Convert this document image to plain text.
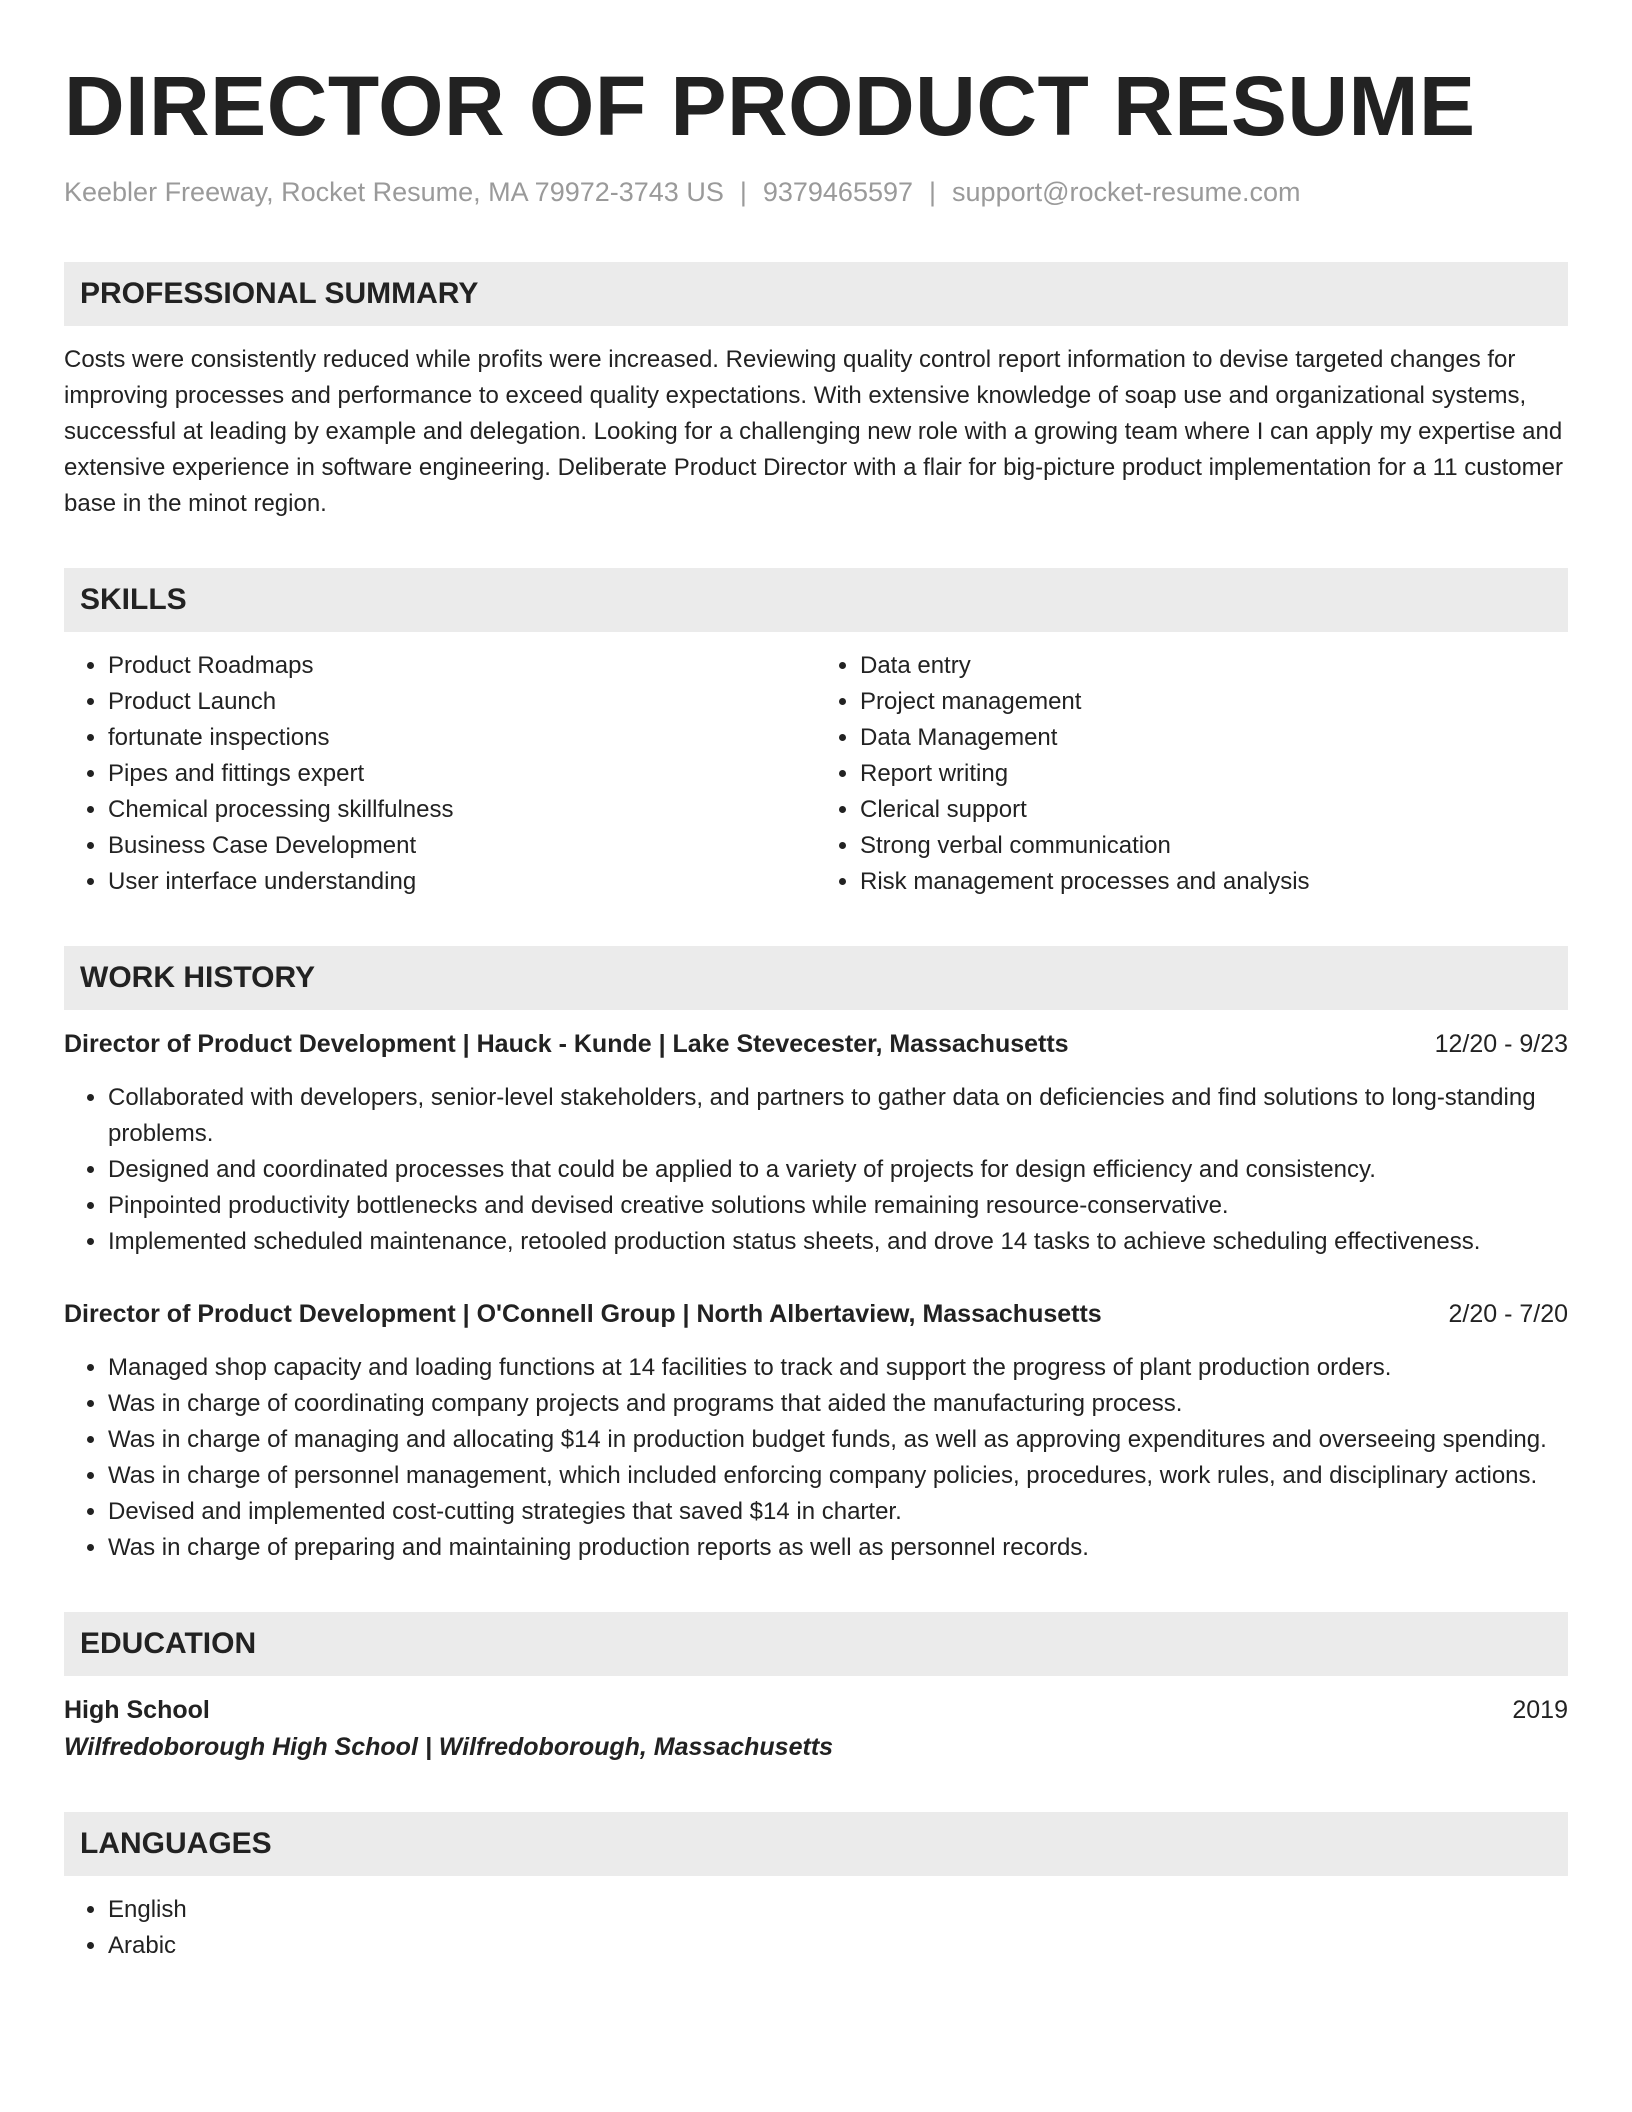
DIRECTOR OF PRODUCT RESUME
Keebler Freeway, Rocket Resume, MA 79972-3743 US | 9379465597 | support@rocket-resume.com
PROFESSIONAL SUMMARY

Costs were consistently reduced while profits were increased. Reviewing quality control report information to devise targeted changes for improving processes and performance to exceed quality expectations. With extensive knowledge of soap use and organizational systems, successful at leading by example and delegation. Looking for a challenging new role with a growing team where I can apply my expertise and extensive experience in software engineering. Deliberate Product Director with a flair for big-picture product implementation for a 11 customer base in the minot region.

SKILLS
• Product Roadmaps
• Product Launch
• fortunate inspections
• Pipes and fittings expert
• Chemical processing skillfulness
• Business Case Development
• User interface understanding
• Data entry
• Project management
• Data Management
• Report writing
• Clerical support
• Strong verbal communication
• Risk management processes and analysis
WORK HISTORY
Director of Product Development | Hauck - Kunde | Lake Stevecester, Massachusetts	12/20 - 9/23
• Collaborated with developers, senior-level stakeholders, and partners to gather data on deficiencies and find solutions to long-standing problems.
• Designed and coordinated processes that could be applied to a variety of projects for design efficiency and consistency.
• Pinpointed productivity bottlenecks and devised creative solutions while remaining resource-conservative.
• Implemented scheduled maintenance, retooled production status sheets, and drove 14 tasks to achieve scheduling effectiveness.
Director of Product Development | O'Connell Group | North Albertaview, Massachusetts	2/20 - 7/20
• Managed shop capacity and loading functions at 14 facilities to track and support the progress of plant production orders.
• Was in charge of coordinating company projects and programs that aided the manufacturing process.
• Was in charge of managing and allocating $14 in production budget funds, as well as approving expenditures and overseeing spending.
• Was in charge of personnel management, which included enforcing company policies, procedures, work rules, and disciplinary actions.
• Devised and implemented cost-cutting strategies that saved $14 in charter.
• Was in charge of preparing and maintaining production reports as well as personnel records.
EDUCATION
High School	2019
Wilfredoborough High School | Wilfredoborough, Massachusetts
LANGUAGES
• English
• Arabic
